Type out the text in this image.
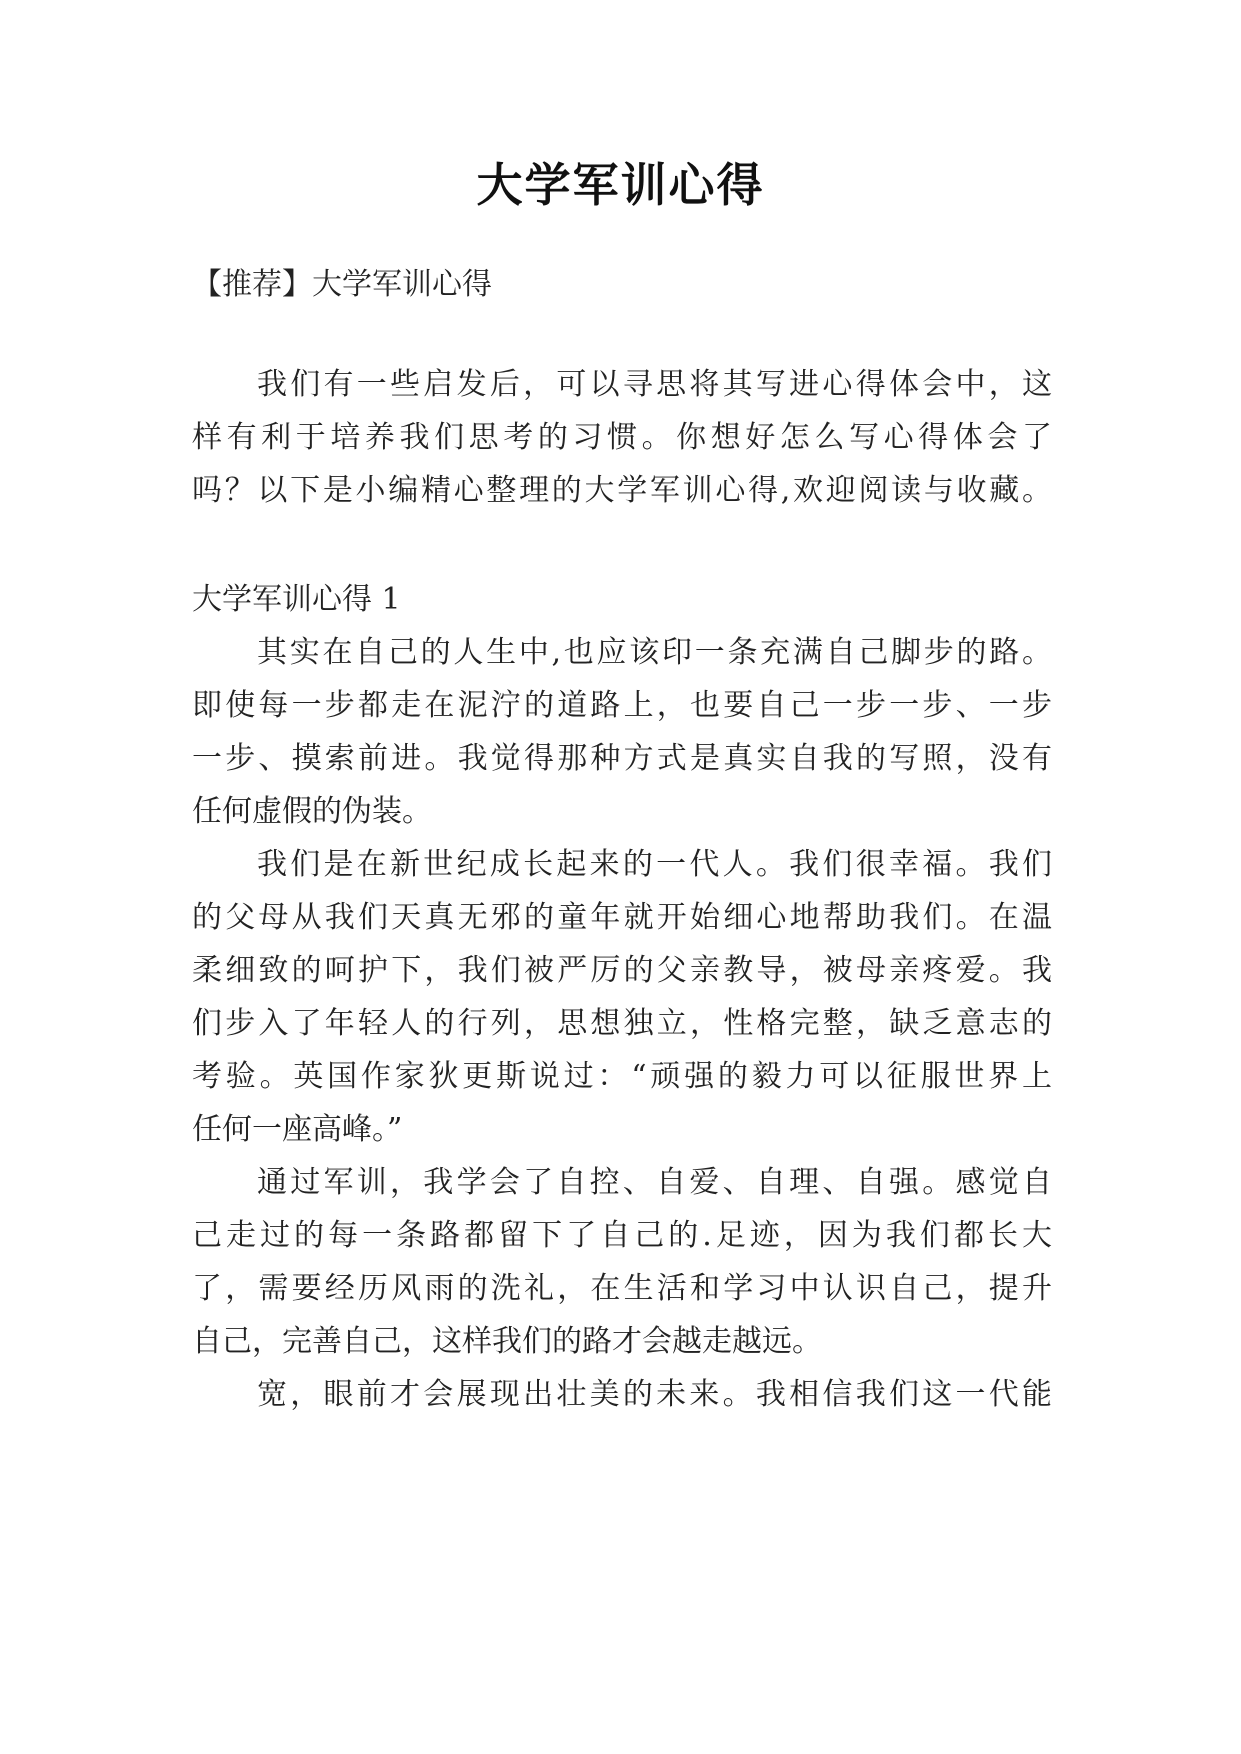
大学军训心得
【推荐】大学军训心得
我们有一些启发后，可以寻思将其写进心得体会中，这
样有利于培养我们思考的习惯。你想好怎么写心得体会了
吗？以下是小编精心整理的大学军训心得,欢迎阅读与收藏。
大学军训心得 1
其实在自己的人生中,也应该印一条充满自己脚步的路。
即使每一步都走在泥泞的道路上，也要自己一步一步、一步
一步、摸索前进。我觉得那种方式是真实自我的写照，没有
任何虚假的伪装。
我们是在新世纪成长起来的一代人。我们很幸福。我们
的父母从我们天真无邪的童年就开始细心地帮助我们。在温
柔细致的呵护下，我们被严厉的父亲教导，被母亲疼爱。我
们步入了年轻人的行列，思想独立，性格完整，缺乏意志的
考验。英国作家狄更斯说过：“顽强的毅力可以征服世界上
任何一座高峰。”
通过军训，我学会了自控、自爱、自理、自强。感觉自
己走过的每一条路都留下了自己的.足迹，因为我们都长大
了，需要经历风雨的洗礼，在生活和学习中认识自己，提升
自己，完善自己，这样我们的路才会越走越远。
宽，眼前才会展现出壮美的未来。我相信我们这一代能
